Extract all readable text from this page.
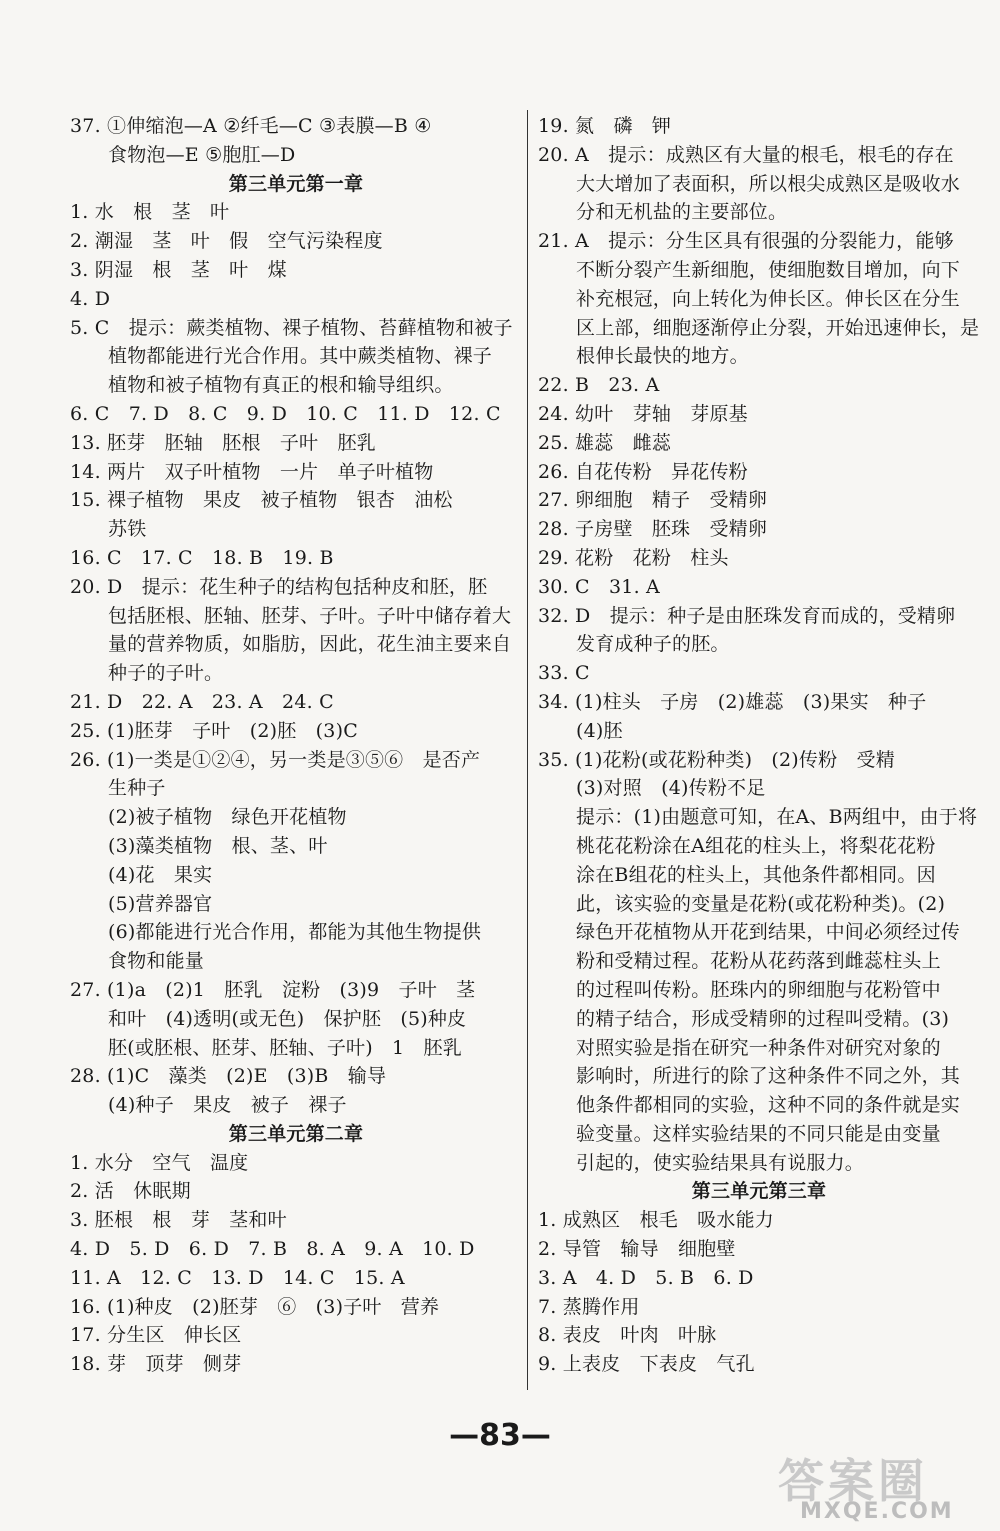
37. ①伸缩泡—A ②纤毛—C ③表膜—B ④
食物泡—E ⑤胞肛—D
第三单元第一章
1. 水　根　茎　叶
2. 潮湿　茎　叶　假　空气污染程度
3. 阴湿　根　茎　叶　煤
4. D
5. C　提示：蕨类植物、裸子植物、苔藓植物和被子
植物都能进行光合作用。其中蕨类植物、裸子
植物和被子植物有真正的根和输导组织。
6. C　7. D　8. C　9. D　10. C　11. D　12. C
13. 胚芽　胚轴　胚根　子叶　胚乳
14. 两片　双子叶植物　一片　单子叶植物
15. 裸子植物　果皮　被子植物　银杏　油松
苏铁
16. C　17. C　18. B　19. B
20. D　提示：花生种子的结构包括种皮和胚，胚
包括胚根、胚轴、胚芽、子叶。子叶中储存着大
量的营养物质，如脂肪，因此，花生油主要来自
种子的子叶。
21. D　22. A　23. A　24. C
25. (1)胚芽　子叶　(2)胚　(3)C
26. (1)一类是①②④，另一类是③⑤⑥　是否产
生种子
(2)被子植物　绿色开花植物
(3)藻类植物　根、茎、叶
(4)花　果实
(5)营养器官
(6)都能进行光合作用，都能为其他生物提供
食物和能量
27. (1)a　(2)1　胚乳　淀粉　(3)9　子叶　茎
和叶　(4)透明(或无色)　保护胚　(5)种皮
胚(或胚根、胚芽、胚轴、子叶)　1　胚乳
28. (1)C　藻类　(2)E　(3)B　输导
(4)种子　果皮　被子　裸子
第三单元第二章
1. 水分　空气　温度
2. 活　休眠期
3. 胚根　根　芽　茎和叶
4. D　5. D　6. D　7. B　8. A　9. A　10. D
11. A　12. C　13. D　14. C　15. A
16. (1)种皮　(2)胚芽　⑥　(3)子叶　营养
17. 分生区　伸长区
18. 芽　顶芽　侧芽
19. 氮　磷　钾
20. A　提示：成熟区有大量的根毛，根毛的存在
大大增加了表面积，所以根尖成熟区是吸收水
分和无机盐的主要部位。
21. A　提示：分生区具有很强的分裂能力，能够
不断分裂产生新细胞，使细胞数目增加，向下
补充根冠，向上转化为伸长区。伸长区在分生
区上部，细胞逐渐停止分裂，开始迅速伸长，是
根伸长最快的地方。
22. B　23. A
24. 幼叶　芽轴　芽原基
25. 雄蕊　雌蕊
26. 自花传粉　异花传粉
27. 卵细胞　精子　受精卵
28. 子房壁　胚珠　受精卵
29. 花粉　花粉　柱头
30. C　31. A
32. D　提示：种子是由胚珠发育而成的，受精卵
发育成种子的胚。
33. C
34. (1)柱头　子房　(2)雄蕊　(3)果实　种子
(4)胚
35. (1)花粉(或花粉种类)　(2)传粉　受精
(3)对照　(4)传粉不足
提示：(1)由题意可知，在A、B两组中，由于将
桃花花粉涂在A组花的柱头上，将梨花花粉
涂在B组花的柱头上，其他条件都相同。因
此，该实验的变量是花粉(或花粉种类)。(2)
绿色开花植物从开花到结果，中间必须经过传
粉和受精过程。花粉从花药落到雌蕊柱头上
的过程叫传粉。胚珠内的卵细胞与花粉管中
的精子结合，形成受精卵的过程叫受精。(3)
对照实验是指在研究一种条件对研究对象的
影响时，所进行的除了这种条件不同之外，其
他条件都相同的实验，这种不同的条件就是实
验变量。这样实验结果的不同只能是由变量
引起的，使实验结果具有说服力。
第三单元第三章
1. 成熟区　根毛　吸水能力
2. 导管　输导　细胞壁
3. A　4. D　5. B　6. D
7. 蒸腾作用
8. 表皮　叶肉　叶脉
9. 上表皮　下表皮　气孔
—83—
答案圈
MXQE.COM
